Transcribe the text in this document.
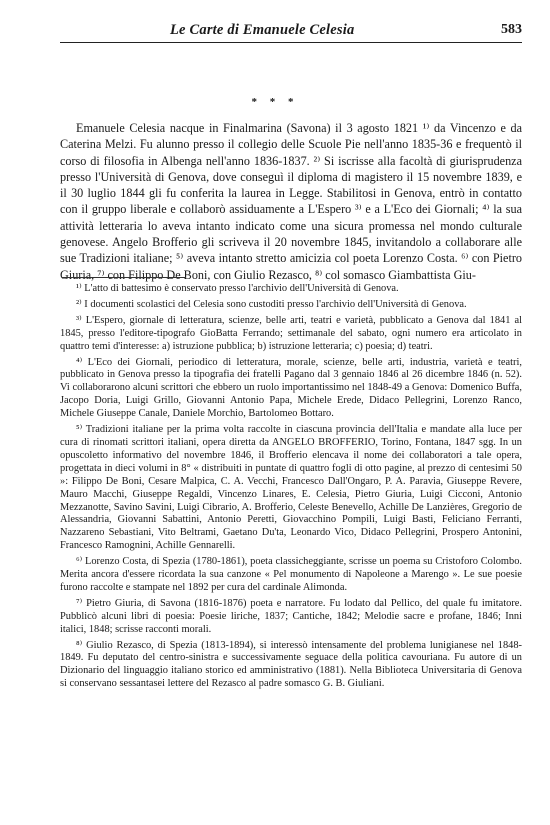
Le Carte di Emanuele Celesia	583
* * *

Emanuele Celesia nacque in Finalmarina (Savona) il 3 agosto 1821 ¹⁾ da Vincenzo e da Caterina Melzi. Fu alunno presso il collegio delle Scuole Pie nell'anno 1835-36 e frequentò il corso di filosofia in Albenga nell'anno 1836-1837. ²⁾ Si iscrisse alla facoltà di giurisprudenza presso l'Università di Genova, dove conseguì il diploma di magistero il 15 novembre 1839, e il 30 luglio 1844 gli fu conferita la laurea in Legge. Stabilitosi in Genova, entrò in contatto con il gruppo liberale e collaborò assiduamente a L'Espero ³⁾ e a L'Eco dei Giornali; ⁴⁾ la sua attività letteraria lo aveva intanto indicato come una sicura promessa nel mondo culturale genovese. Angelo Brofferio gli scriveva il 20 novembre 1845, invitandolo a collaborare alle sue Tradizioni italiane; ⁵⁾ aveva intanto stretto amicizia col poeta Lorenzo Costa. ⁶⁾ con Pietro Giuria, ⁷⁾ con Filippo De Boni, con Giulio Rezasco, ⁸⁾ col somasco Giambattista Giu-

¹⁾ L'atto di battesimo è conservato presso l'archivio dell'Università di Genova.

²⁾ I documenti scolastici del Celesia sono custoditi presso l'archivio dell'Università di Genova.

³⁾ L'Espero, giornale di letteratura, scienze, belle arti, teatri e varietà, pubblicato a Genova dal 1841 al 1845, presso l'editore-tipografo GioBatta Ferrando; settimanale del sabato, ogni numero era articolato in quattro temi d'interesse: a) istruzione pubblica; b) istruzione letteraria; c) poesia; d) teatri.

⁴⁾ L'Eco dei Giornali, periodico di letteratura, morale, scienze, belle arti, industria, varietà e teatri, pubblicato in Genova presso la tipografia dei fratelli Pagano dal 3 gennaio 1846 al 26 dicembre 1846 (n. 52). Vi collaborarono alcuni scrittori che ebbero un ruolo importantissimo nel 1848-49 a Genova: Domenico Buffa, Jacopo Doria, Luigi Grillo, Giovanni Antonio Papa, Michele Erede, Didaco Pellegrini, Lorenzo Ranco, Michele Giuseppe Canale, Daniele Morchio, Bartolomeo Bottaro.

⁵⁾ Tradizioni italiane per la prima volta raccolte in ciascuna provincia dell'Italia e mandate alla luce per cura di rinomati scrittori italiani, opera diretta da ANGELO BROFFERIO, Torino, Fontana, 1847 sgg. In un opuscoletto informativo del novembre 1846, il Brofferio elencava il nome dei collaboratori a tale opera, progettata in dieci volumi in 8° « distribuiti in puntate di quattro fogli di otto pagine, al prezzo di centesimi 50 »: Filippo De Boni, Cesare Malpica, C. A. Vecchi, Francesco Dall'Ongaro, P. A. Paravia, Giuseppe Revere, Mauro Macchi, Giuseppe Regaldi, Vincenzo Linares, E. Celesia, Pietro Giuria, Luigi Cicconi, Antonio Mezzanotte, Savino Savini, Luigi Cibrario, A. Brofferio, Celeste Benevello, Achille De Lanzières, Gregorio de Alessandria, Giovanni Sabattini, Antonio Peretti, Giovacchino Pompili, Luigi Basti, Feliciano Ferranti, Nazzareno Sebastiani, Vito Beltrami, Gaetano Du'ta, Leonardo Vico, Didaco Pellegrini, Prospero Antonini, Francesco Ramognini, Achille Gennarelli.

⁶⁾ Lorenzo Costa, di Spezia (1780-1861), poeta classicheggiante, scrisse un poema su Cristoforo Colombo. Merita ancora d'essere ricordata la sua canzone « Pel monumento di Napoleone a Marengo ». Le sue poesie furono raccolte e stampate nel 1892 per cura del cardinale Alimonda.

⁷⁾ Pietro Giuria, di Savona (1816-1876) poeta e narratore. Fu lodato dal Pellico, del quale fu imitatore. Pubblicò alcuni libri di poesia: Poesie liriche, 1837; Cantiche, 1842; Melodie sacre e profane, 1846; Inni italici, 1848; scrisse racconti morali.

⁸⁾ Giulio Rezasco, di Spezia (1813-1894), si interessò intensamente del problema lunigianese nel 1848-1849. Fu deputato del centro-sinistra e successivamente seguace della politica cavouriana. Fu autore di un Dizionario del linguaggio italiano storico ed amministrativo (1881). Nella Biblioteca Universitaria di Genova si conservano sessantasei lettere del Rezasco al padre somasco G. B. Giuliani.
